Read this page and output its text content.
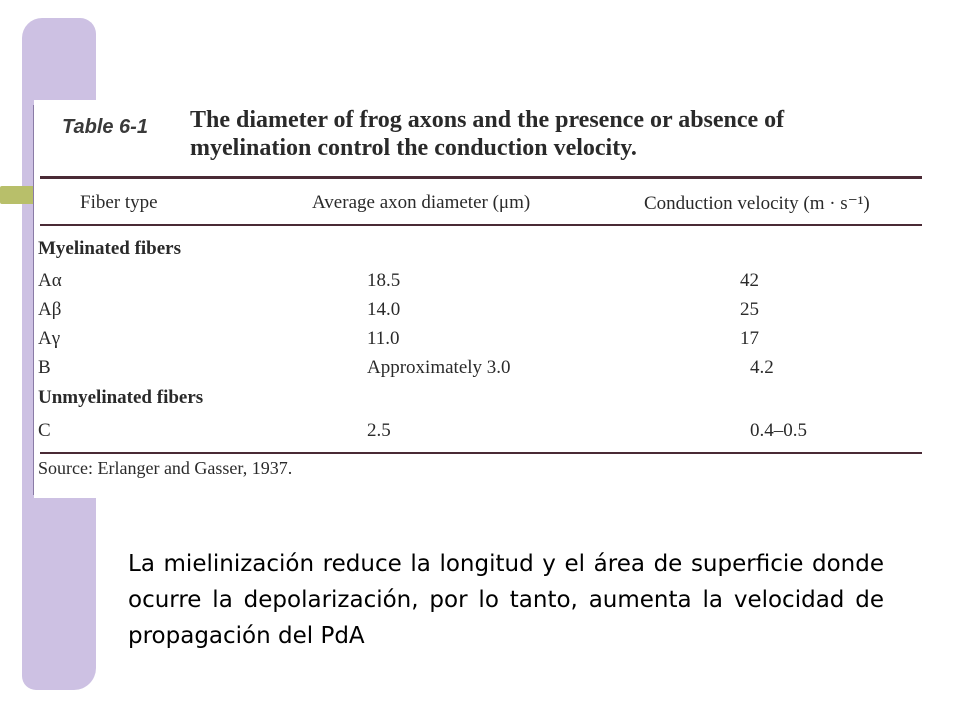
Table 6-1 The diameter of frog axons and the presence or absence of myelination control the conduction velocity.
Fiber type	Average axon diameter (μm)	Conduction velocity (m · s⁻¹)
Myelinated fibers
Aα	18.5	42
Aβ	14.0	25
Aγ	11.0	17
B	Approximately 3.0	4.2
Unmyelinated fibers
C	2.5	0.4–0.5
Source: Erlanger and Gasser, 1937.
La mielinización reduce la longitud y el área de superficie donde ocurre la depolarización, por lo tanto, aumenta la velocidad de propagación del PdA
